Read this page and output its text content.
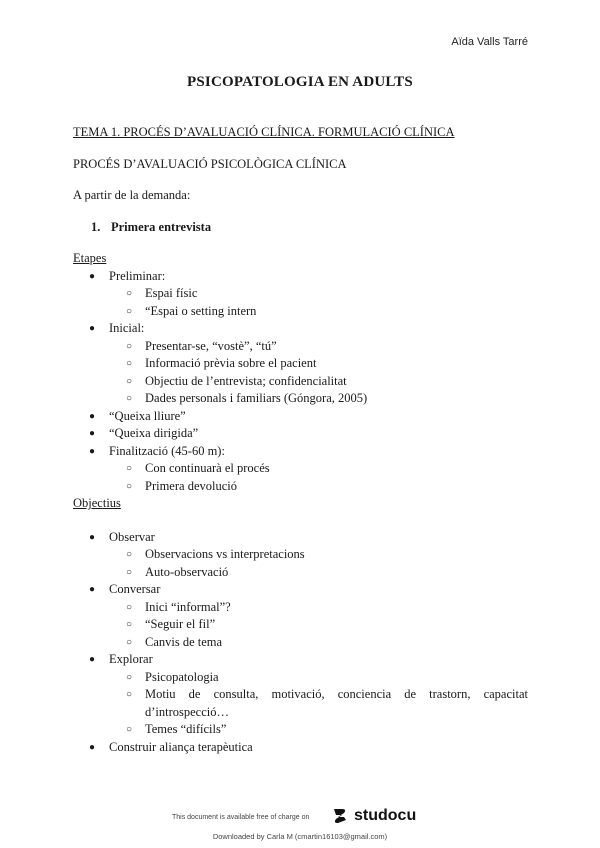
Aïda Valls Tarré
PSICOPATOLOGIA EN ADULTS
TEMA 1. PROCÉS D’AVALUACIÓ CLÍNICA. FORMULACIÓ CLÍNICA
PROCÉS D’AVALUACIÓ PSICOLÒGICA CLÍNICA
A partir de la demanda:
1. Primera entrevista
Etapes
● Preliminar:
○ Espai físic
○ “Espai o setting intern
● Inicial:
○ Presentar-se, “vostè”, “tú”
○ Informació prèvia sobre el pacient
○ Objectiu de l’entrevista; confidencialitat
○ Dades personals i familiars (Góngora, 2005)
● “Queixa lliure”
● “Queixa dirigida”
● Finalització (45-60 m):
○ Con continuarà el procés
○ Primera devolució
Objectius
● Observar
○ Observacions vs interpretacions
○ Auto-observació
● Conversar
○ Inici “informal”?
○ “Seguir el fil”
○ Canvis de tema
● Explorar
○ Psicopatologia
○ Motiu de consulta, motivació, conciencia de trastorn, capacitat d’introspecció…
○ Temes “difícils”
● Construir aliança terapèutica
This document is available free of charge on	studocu
Downloaded by Carla M (cmartin16103@gmail.com)
